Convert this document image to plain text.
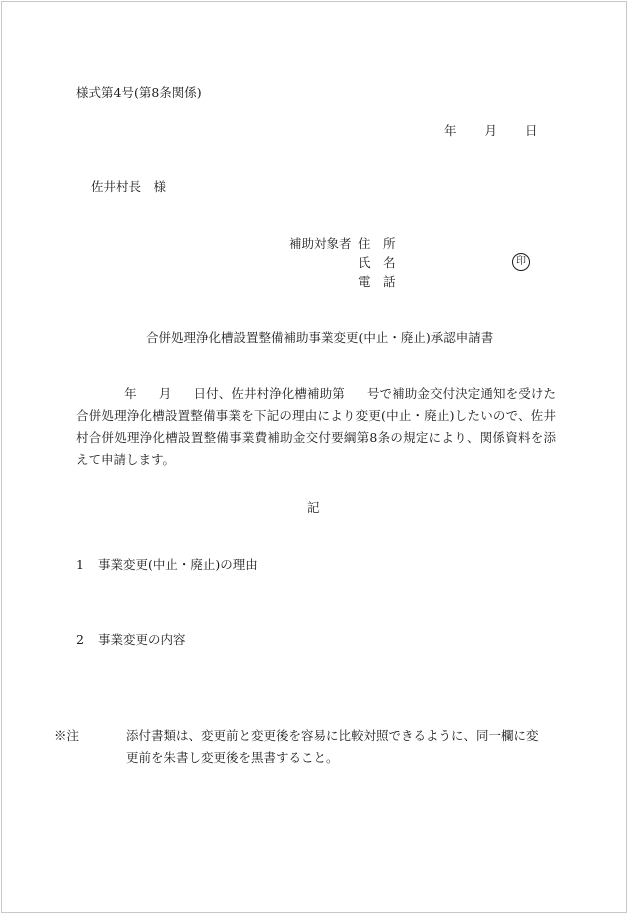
様式第4号(第8条関係)
年 月 日
佐井村長　様
補助対象者 住　所
氏　名
電　話
印
合併処理浄化槽設置整備補助事業変更(中止・廃止)承認申請書
年 月 日付、佐井村浄化槽補助第 号で補助金交付決定通知を受けた合併処理浄化槽設置整備事業を下記の理由により変更(中止・廃止)したいので、佐井村合併処理浄化槽設置整備事業費補助金交付要綱第8条の規定により、関係資料を添えて申請します。
記
1 事業変更(中止・廃止)の理由
2 事業変更の内容
※注	添付書類は、変更前と変更後を容易に比較対照できるように、同一欄に変更前を朱書し変更後を黒書すること。
